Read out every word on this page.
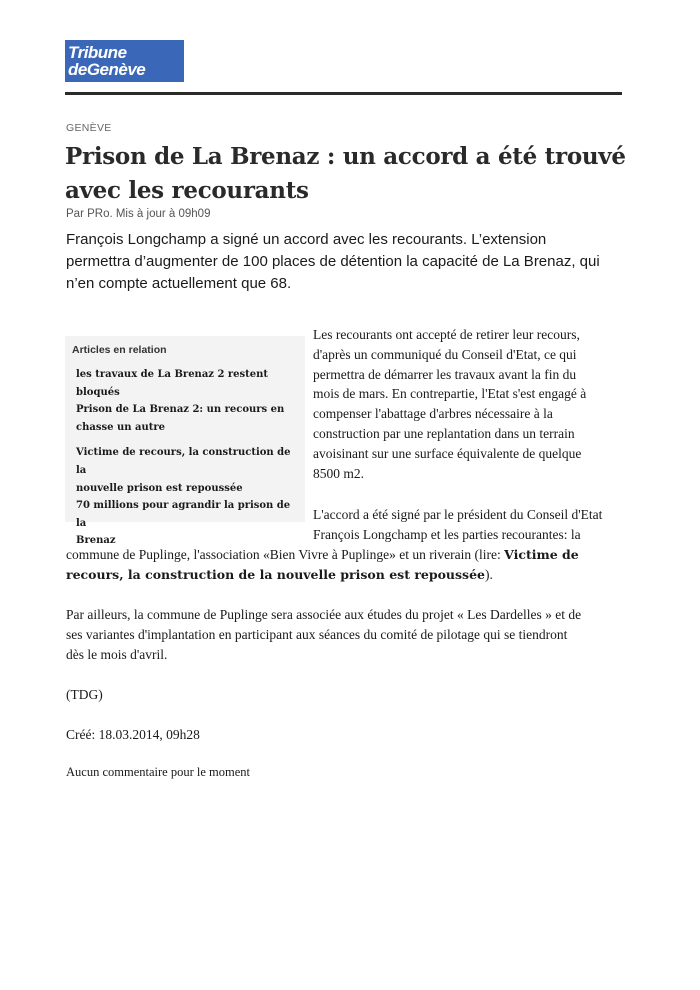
Tribune
deGenève
GENÈVE
Prison de La Brenaz : un accord a été trouvé
avec les recourants
Par PRo. Mis à jour à 09h09

François Longchamp a signé un accord avec les recourants. L’extension
permettra d’augmenter de 100 places de détention la capacité de La Brenaz, qui
n’en compte actuellement que 68.

Articles en relation
les travaux de La Brenaz 2 restent
bloqués
Prison de La Brenaz 2: un recours en
chasse un autre
Victime de recours, la construction de la
nouvelle prison est repoussée
70 millions pour agrandir la prison de la
Brenaz

Les recourants ont accepté de retirer leur recours,
d'après un communiqué du Conseil d'Etat, ce qui
permettra de démarrer les travaux avant la fin du
mois de mars. En contrepartie, l'Etat s'est engagé à
compenser l'abattage d'arbres nécessaire à la
construction par une replantation dans un terrain
avoisinant sur une surface équivalente de quelque
8500 m2.

L'accord a été signé par le président du Conseil d'Etat
François Longchamp et les parties recourantes: la

commune de Puplinge, l'association «Bien Vivre à Puplinge» et un riverain (lire: Victime de
recours, la construction de la nouvelle prison est repoussée).

Par ailleurs, la commune de Puplinge sera associée aux études du projet « Les Dardelles » et de
ses variantes d'implantation en participant aux séances du comité de pilotage qui se tiendront
dès le mois d'avril.

(TDG)

Créé: 18.03.2014, 09h28

Aucun commentaire pour le moment
